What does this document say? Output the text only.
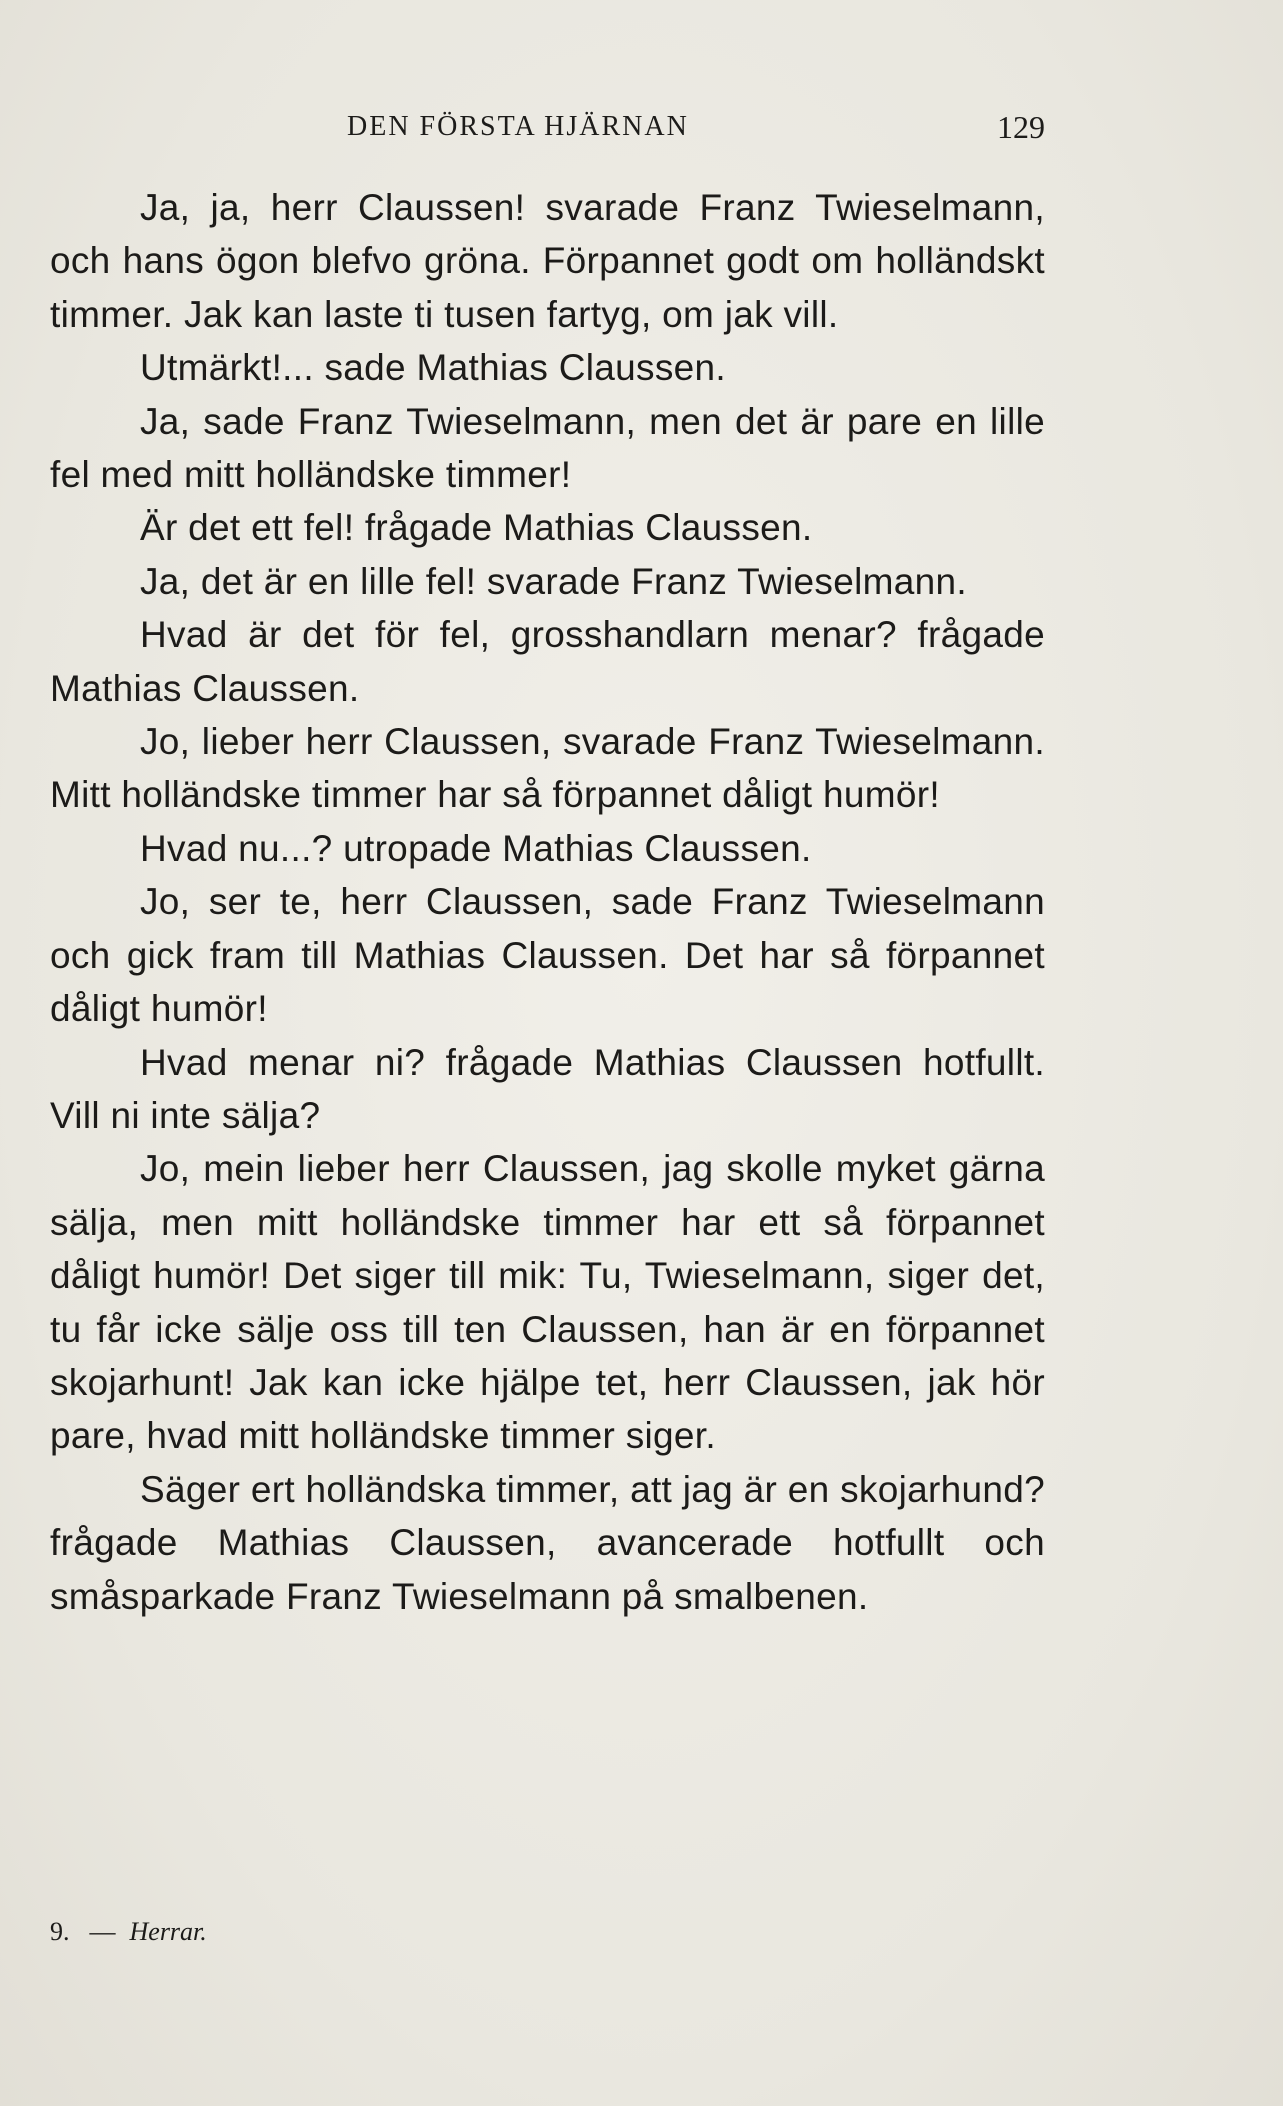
DEN FÖRSTA HJÄRNAN	129

Ja, ja, herr Claussen! svarade Franz Twieselmann, och hans ögon blefvo gröna. Förpannet godt om holländskt timmer. Jak kan laste ti tusen fartyg, om jak vill.

Utmärkt!... sade Mathias Claussen.

Ja, sade Franz Twieselmann, men det är pare en lille fel med mitt holländske timmer!

Är det ett fel! frågade Mathias Claussen.

Ja, det är en lille fel! svarade Franz Twieselmann.

Hvad är det för fel, grosshandlarn menar? frågade Mathias Claussen.

Jo, lieber herr Claussen, svarade Franz Twieselmann. Mitt holländske timmer har så förpannet dåligt humör!

Hvad nu...? utropade Mathias Claussen.

Jo, ser te, herr Claussen, sade Franz Twieselmann och gick fram till Mathias Claussen. Det har så förpannet dåligt humör!

Hvad menar ni? frågade Mathias Claussen hotfullt. Vill ni inte sälja?

Jo, mein lieber herr Claussen, jag skolle myket gärna sälja, men mitt holländske timmer har ett så förpannet dåligt humör! Det siger till mik: Tu, Twieselmann, siger det, tu får icke sälje oss till ten Claussen, han är en förpannet skojarhunt! Jak kan icke hjälpe tet, herr Claussen, jak hör pare, hvad mitt holländske timmer siger.

Säger ert holländska timmer, att jag är en skojarhund? frågade Mathias Claussen, avancerade hotfullt och småsparkade Franz Twieselmann på smalbenen.

9. — Herrar.
